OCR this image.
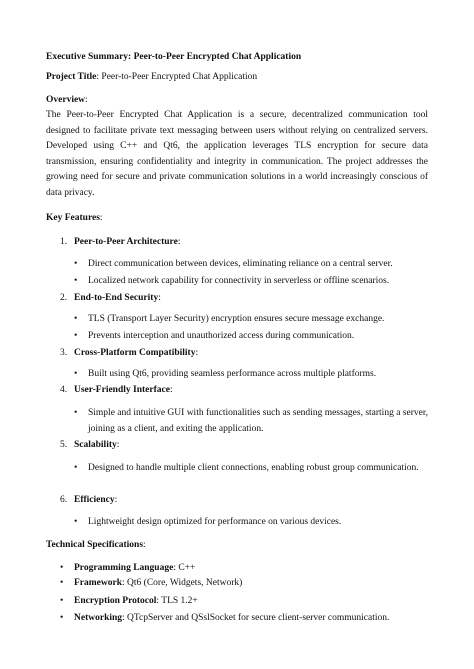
Executive Summary: Peer-to-Peer Encrypted Chat Application
Project Title: Peer-to-Peer Encrypted Chat Application
Overview:
The Peer-to-Peer Encrypted Chat Application is a secure, decentralized communication tool designed to facilitate private text messaging between users without relying on centralized servers. Developed using C++ and Qt6, the application leverages TLS encryption for secure data transmission, ensuring confidentiality and integrity in communication. The project addresses the growing need for secure and private communication solutions in a world increasingly conscious of data privacy.
Key Features:
1. Peer-to-Peer Architecture:
• Direct communication between devices, eliminating reliance on a central server.
• Localized network capability for connectivity in serverless or offline scenarios.
2. End-to-End Security:
• TLS (Transport Layer Security) encryption ensures secure message exchange.
• Prevents interception and unauthorized access during communication.
3. Cross-Platform Compatibility:
• Built using Qt6, providing seamless performance across multiple platforms.
4. User-Friendly Interface:
• Simple and intuitive GUI with functionalities such as sending messages, starting a server, joining as a client, and exiting the application.
5. Scalability:
• Designed to handle multiple client connections, enabling robust group communication.
6. Efficiency:
• Lightweight design optimized for performance on various devices.
Technical Specifications:
• Programming Language: C++
• Framework: Qt6 (Core, Widgets, Network)
• Encryption Protocol: TLS 1.2+
• Networking: QTcpServer and QSslSocket for secure client-server communication.
